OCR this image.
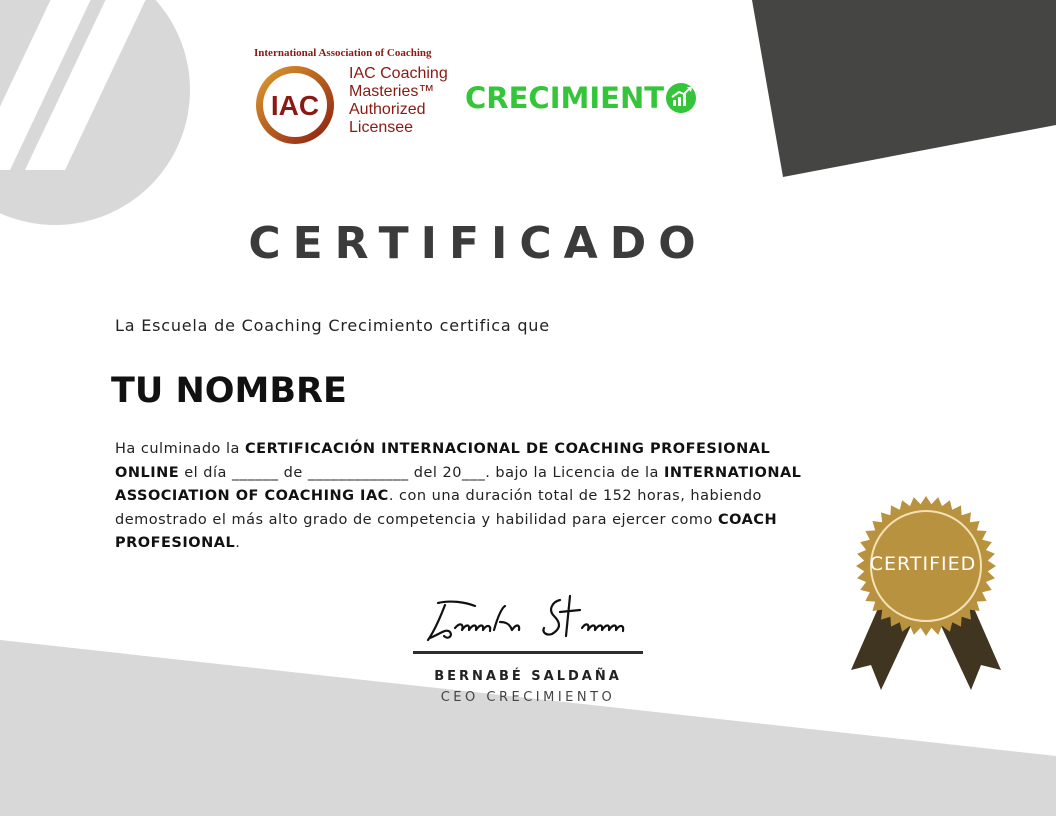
International Association of Coaching
IAC
IAC Coaching
Masteries™
Authorized
Licensee
CRECIMIENT
CERTIFICADO
La Escuela de Coaching Crecimiento certifica que
TU NOMBRE
Ha culminado la CERTIFICACIÓN INTERNACIONAL DE COACHING PROFESIONAL ONLINE el día ______ de _____________ del 20___. bajo la Licencia de la INTERNATIONAL ASSOCIATION OF COACHING IAC. con una duración total de 152 horas, habiendo demostrado el más alto grado de competencia y habilidad para ejercer como COACH PROFESIONAL.
BERNABÉ SALDAÑA
CEO CRECIMIENTO
CERTIFIED
